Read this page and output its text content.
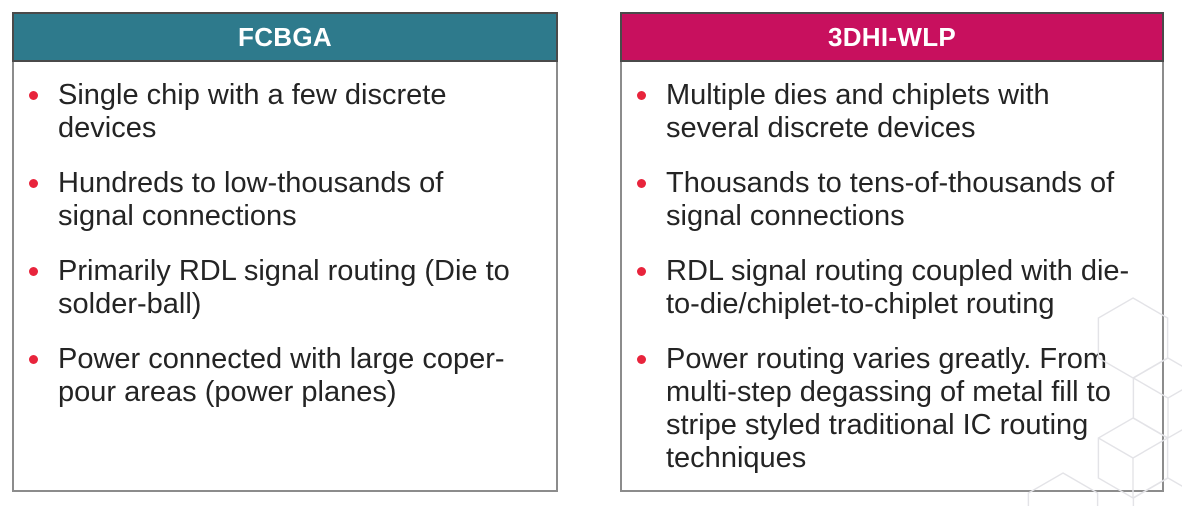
FCBGA
Single chip with a few discrete
devices
Hundreds to low-thousands of
signal connections
Primarily RDL signal routing (Die to
solder-ball)
Power connected with large coper-
pour areas (power planes)
3DHI-WLP
Multiple dies and chiplets with
several discrete devices
Thousands to tens-of-thousands of
signal connections
RDL signal routing coupled with die-
to-die/chiplet-to-chiplet routing
Power routing varies greatly. From
multi-step degassing of metal fill to
stripe styled traditional IC routing
techniques
